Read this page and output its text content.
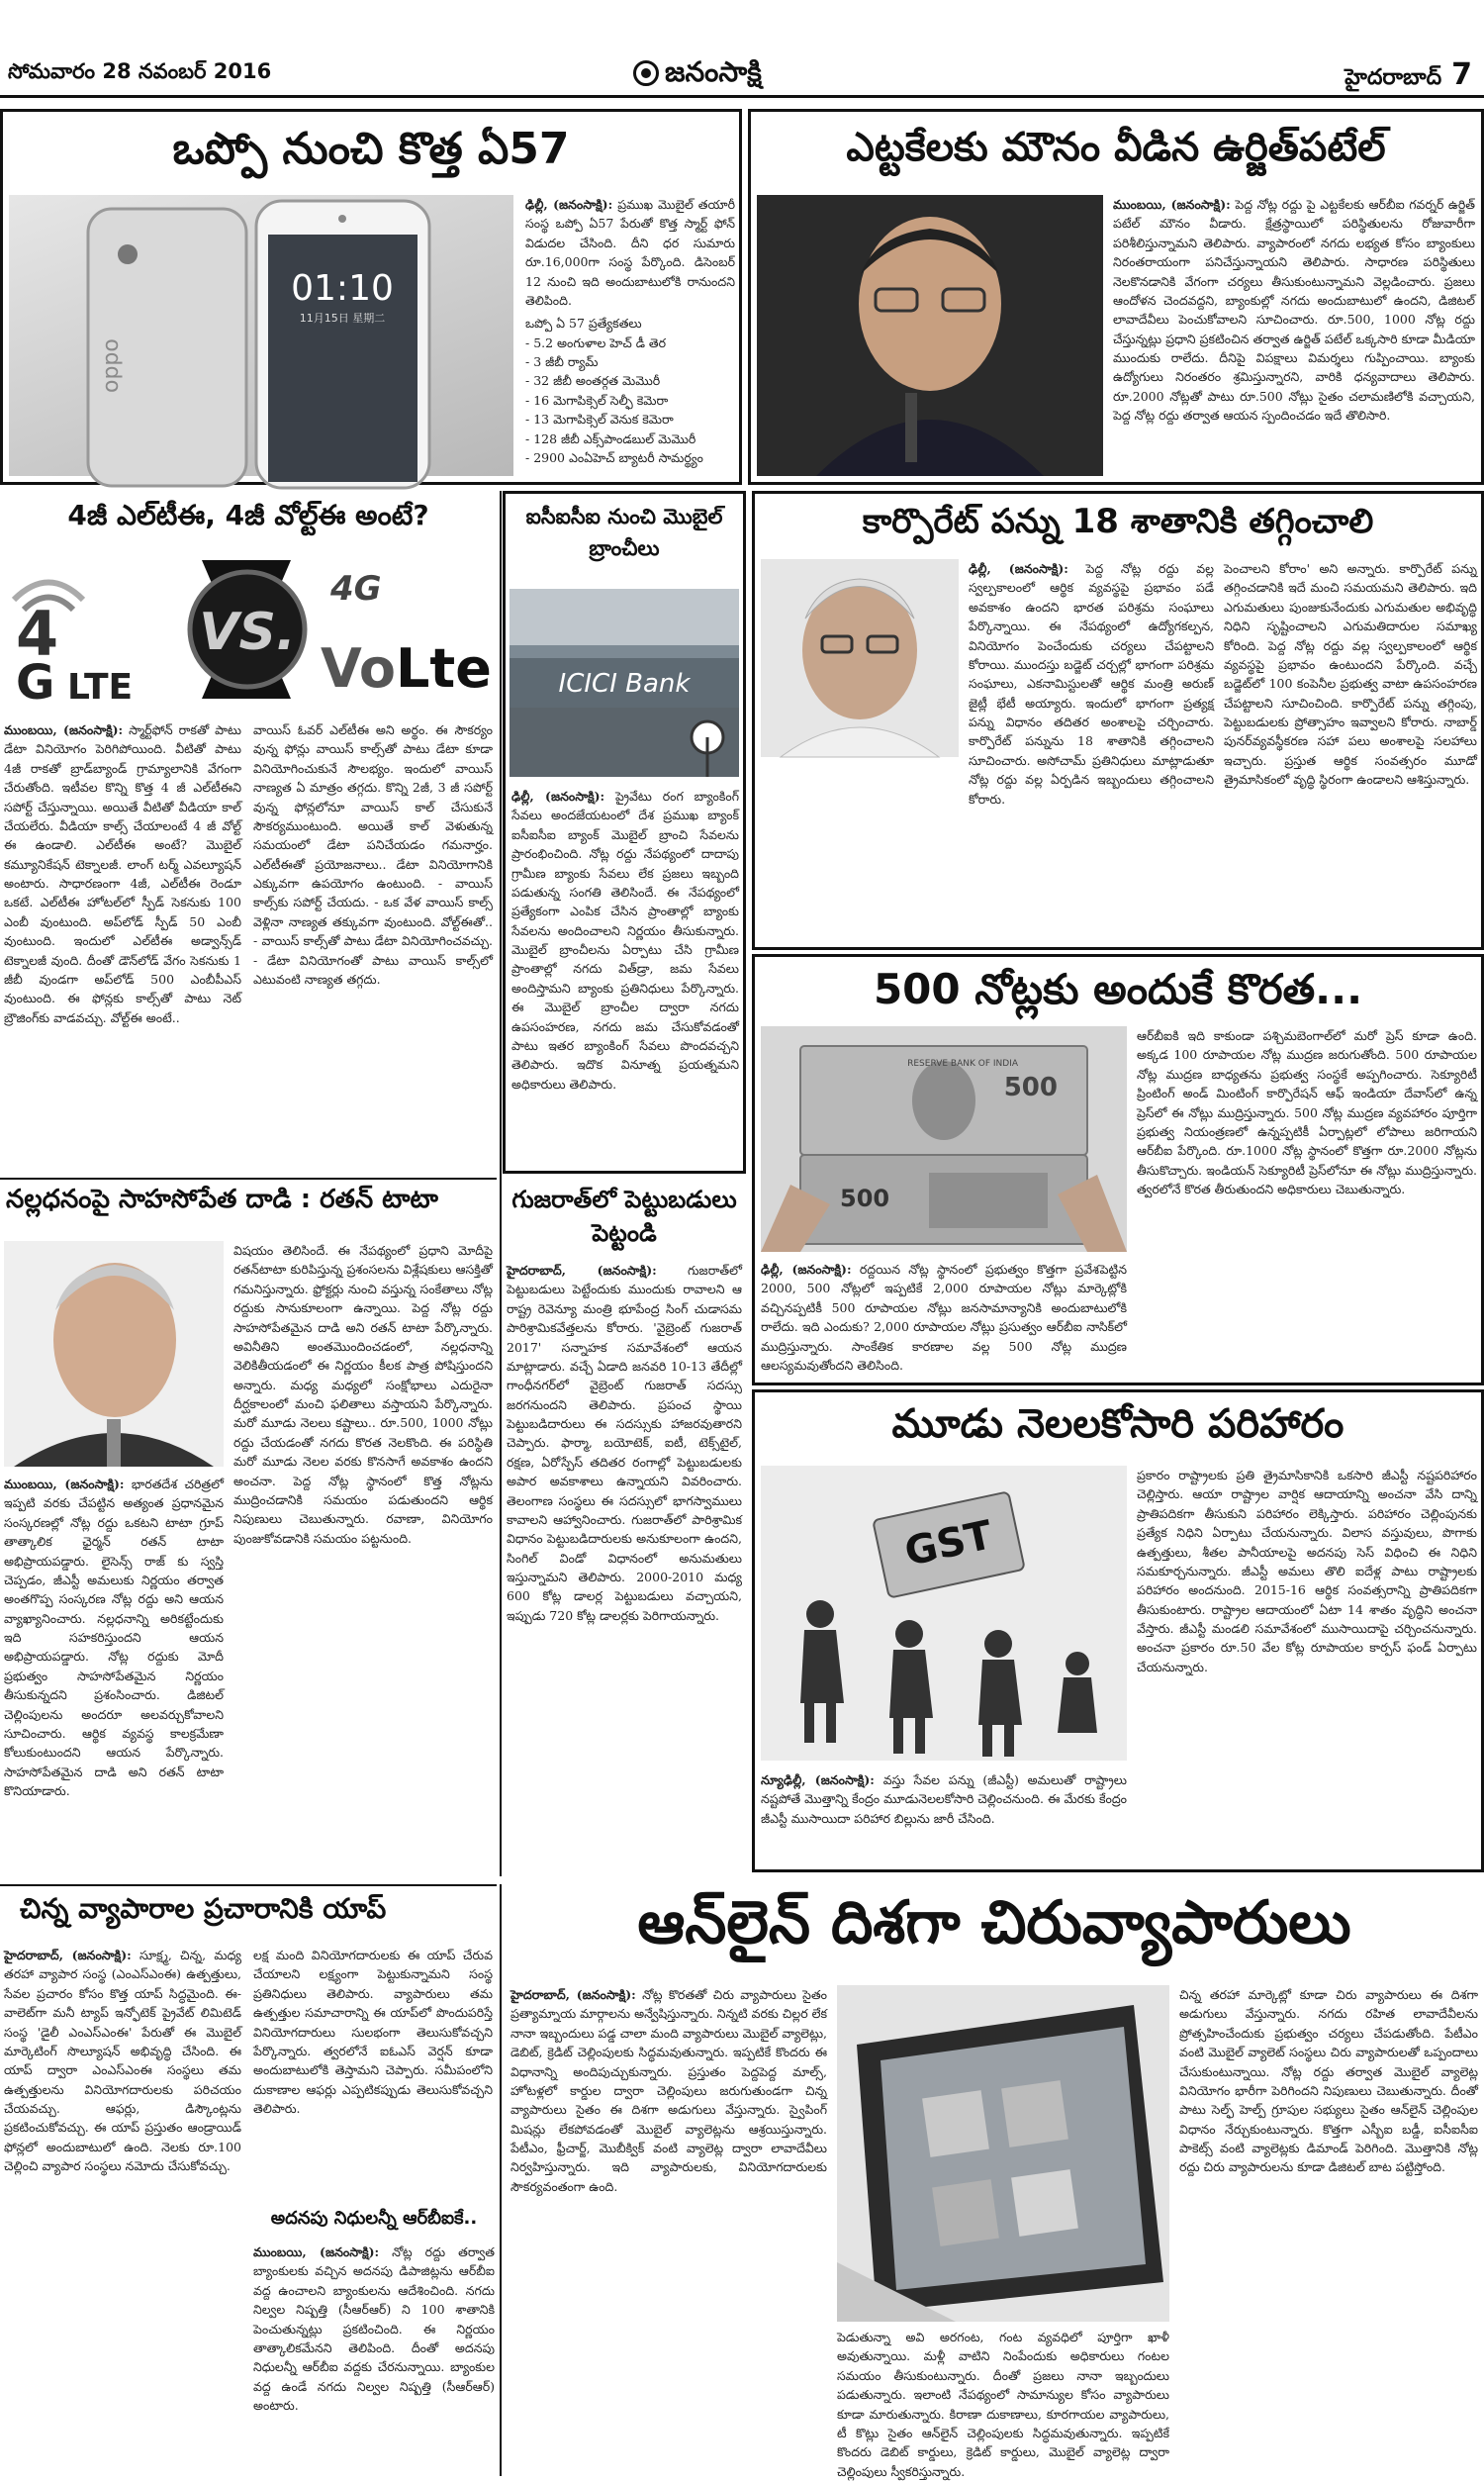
సోమవారం 28 నవంబర్ 2016	జనంసాక్షి	హైదరాబాద్ 7
ఒప్పో నుంచి కొత్త ఏ57
oppo
01:10
11月15日 星期二
ఢిల్లీ, (జనంసాక్షి): ప్రముఖ మొబైల్ తయారీ సంస్థ ఒప్పో ఏ57 పేరుతో కొత్త స్మార్ట్ ఫోన్ విడుదల చేసింది. దీని ధర సుమారు రూ.16,000గా సంస్థ పేర్కొంది. డిసెంబర్ 12 నుంచి ఇది అందుబాటులోకి రానుందని తెలిపింది.
ఒప్పో ఏ 57 ప్రత్యేకతలు
- 5.2 అంగుళాల హెచ్ డీ తెర
- 3 జీబీ ర్యామ్
- 32 జీబీ అంతర్గత మెమొరీ
- 16 మెగాపిక్సెల్ సెల్ఫీ కెమెరా
- 13 మెగాపిక్సెల్ వెనుక కెమెరా
- 128 జీబీ ఎక్స్‌పాండబుల్ మెమొరీ
- 2900 ఎంఏహెచ్ బ్యాటరీ సామర్థ్యం
ఎట్టకేలకు మౌనం వీడిన ఉర్జిత్‌పటేల్
ముంబయి, (జనంసాక్షి): పెద్ద నోట్ల రద్దు పై ఎట్టకేలకు ఆర్‌బీఐ గవర్నర్ ఉర్జిత్ పటేల్ మౌనం వీడారు. క్షేత్రస్థాయిలో పరిస్థితులను రోజువారీగా పరిశీలిస్తున్నామని తెలిపారు. వ్యాపారంలో నగదు లభ్యత కోసం బ్యాంకులు నిరంతరాయంగా పనిచేస్తున్నాయని తెలిపారు. సాధారణ పరిస్థితులు నెలకొనడానికి వేగంగా చర్యలు తీసుకుంటున్నామని వెల్లడించారు. ప్రజలు ఆందోళన చెందవద్దని, బ్యాంకుల్లో నగదు అందుబాటులో ఉందని, డిజిటల్ లావాదేవీలు పెంచుకోవాలని సూచించారు. రూ.500, 1000 నోట్ల రద్దు చేస్తున్నట్లు ప్రధాని ప్రకటించిన తర్వాత ఉర్జిత్ పటేల్ ఒక్కసారి కూడా మీడియా ముందుకు రాలేదు. దీనిపై విపక్షాలు విమర్శలు గుప్పించాయి. బ్యాంకు ఉద్యోగులు నిరంతరం శ్రమిస్తున్నారని, వారికి ధన్యవాదాలు తెలిపారు. రూ.2000 నోట్లతో పాటు రూ.500 నోట్లు సైతం చలామణిలోకి వచ్చాయని, పెద్ద నోట్ల రద్దు తర్వాత ఆయన స్పందించడం ఇదే తొలిసారి.
4జీ ఎల్‌టీఈ, 4జీ వోల్ట్ఈ అంటే?
4
G LTE
VS.
4G
Vo Lte
ముంబయి, (జనంసాక్షి): స్మార్ట్‌ఫోన్ రాకతో పాటు డేటా వినియోగం పెరిగిపోయింది. వీటితో పాటు 4జీ రాకతో బ్రాడ్‌బ్యాండ్ గ్రామ్యాలానికి వేగంగా చేరుతోంది. ఇటీవల కొన్ని కొత్త 4 జీ ఎల్‌టీఈని సపోర్ట్ చేస్తున్నాయి. అయితే వీటితో వీడియా కాల్ చేయలేరు. వీడియా కాల్స్ చేయాలంటే 4 జీ వోల్ట్ ఈ ఉండాలి. ఎల్‌టీఈ అంటే? మొబైల్ కమ్యూనికేషన్ టెక్నాలజీ. లాంగ్ టర్మ్ ఎవల్యూషన్ అంటారు. సాధారణంగా 4జీ, ఎల్‌టీఈ రెండూ ఒకటే. ఎల్‌టీఈ హోటల్‌లో స్పీడ్ సెకనుకు 100 ఎంబీ వుంటుంది. అప్‌లోడ్ స్పీడ్ 50 ఎంబీ వుంటుంది. ఇందులో ఎల్‌టీఈ అడ్వాన్స్‌డ్ టెక్నాలజీ వుంది. దీంతో డౌన్‌లోడ్ వేగం సెకనుకు 1 జీబీ వుండగా అప్‌లోడ్ 500 ఎంబీపీఎస్ వుంటుంది. ఈ ఫోన్లకు కాల్స్‌తో పాటు నెట్ బ్రౌజింగ్‌కు వాడవచ్చు. వోల్ట్ఈ అంటే..
వాయిస్ ఓవర్ ఎల్‌టీఈ అని అర్థం. ఈ సౌకర్యం వున్న ఫోన్లు వాయిస్ కాల్స్‌తో పాటు డేటా కూడా వినియోగించుకునే సౌలభ్యం. ఇందులో వాయిస్ నాణ్యత ఏ మాత్రం తగ్గదు. కొన్ని 2జీ, 3 జీ సపోర్ట్ వున్న ఫోన్లలోనూ వాయిస్ కాల్ చేసుకునే సౌకర్యముంటుంది. అయితే కాల్ వెళుతున్న సమయంలో డేటా పనిచేయడం గమనార్హం. ఎల్‌టీఈతో ప్రయోజనాలు.. డేటా వినియోగానికి ఎక్కువగా ఉపయోగం ఉంటుంది. - వాయిస్ కాల్స్‌కు సపోర్ట్ చేయదు. - ఒక వేళ వాయిస్ కాల్స్ వెళ్లినా నాణ్యత తక్కువగా వుంటుంది. వోల్ట్ఈతో.. - వాయిస్ కాల్స్‌తో పాటు డేటా వినియోగించవచ్చు. - డేటా వినియోగంతో పాటు వాయిస్ కాల్స్‌లో ఎటువంటి నాణ్యత తగ్గదు.
ఐసీఐసీఐ నుంచి మొబైల్ బ్రాంచీలు
ICICI Bank
ఢిల్లీ, (జనంసాక్షి): ప్రైవేటు రంగ బ్యాంకింగ్ సేవలు అందజేయటంలో దేశ ప్రముఖ బ్యాంక్ ఐసీఐసీఐ బ్యాంక్ మొబైల్ బ్రాంచి సేవలను ప్రారంభించింది. నోట్ల రద్దు నేపథ్యంలో దాదాపు గ్రామీణ బ్యాంకు సేవలు లేక ప్రజలు ఇబ్బంది పడుతున్న సంగతి తెలిసిందే. ఈ నేపథ్యంలో ప్రత్యేకంగా ఎంపిక చేసిన ప్రాంతాల్లో బ్యాంకు సేవలను అందించాలని నిర్ణయం తీసుకున్నారు. మొబైల్ బ్రాంచీలను ఏర్పాటు చేసి గ్రామీణ ప్రాంతాల్లో నగదు విత్‌డ్రా, జమ సేవలు అందిస్తామని బ్యాంకు ప్రతినిధులు పేర్కొన్నారు. ఈ మొబైల్ బ్రాంచీల ద్వారా నగదు ఉపసంహరణ, నగదు జమ చేసుకోవడంతో పాటు ఇతర బ్యాంకింగ్ సేవలు పొందవచ్చని తెలిపారు. ఇదొక వినూత్న ప్రయత్నమని అధికారులు తెలిపారు.
కార్పొరేట్ పన్ను 18 శాతానికి తగ్గించాలి
ఢిల్లీ, (జనంసాక్షి): పెద్ద నోట్ల రద్దు వల్ల స్వల్పకాలంలో ఆర్థిక వ్యవస్థపై ప్రభావం పడే అవకాశం ఉందని భారత పరిశ్రమ సంఘాలు పేర్కొన్నాయి. ఈ నేపథ్యంలో ఉద్యోగకల్పన, వినియోగం పెంచేందుకు చర్యలు చేపట్టాలని కోరాయి. ముందస్తు బడ్జెట్ చర్చల్లో భాగంగా పరిశ్రమ సంఘాలు, ఎకనామిస్టులతో ఆర్థిక మంత్రి అరుణ్ జైట్లీ భేటీ అయ్యారు. ఇందులో భాగంగా ప్రత్యక్ష పన్ను విధానం తదితర అంశాలపై చర్చించారు. కార్పొరేట్ పన్నును 18 శాతానికి తగ్గించాలని సూచించారు. అసోచామ్ ప్రతినిధులు మాట్లాడుతూ నోట్ల రద్దు వల్ల ఏర్పడిన ఇబ్బందులు తగ్గించాలని కోరారు.
పెంచాలని కోరాం' అని అన్నారు. కార్పొరేట్ పన్ను తగ్గించడానికి ఇదే మంచి సమయమని తెలిపారు. ఇది ఎగుమతులు పుంజుకునేందుకు ఎగుమతుల అభివృద్ధి నిధిని సృష్టించాలని ఎగుమతిదారుల సమాఖ్య కోరింది. పెద్ద నోట్ల రద్దు వల్ల స్వల్పకాలంలో ఆర్థిక వ్యవస్థపై ప్రభావం ఉంటుందని పేర్కొంది. వచ్చే బడ్జెట్‌లో 100 కంపెనీల ప్రభుత్వ వాటా ఉపసంహరణ చేపట్టాలని సూచించింది. కార్పొరేట్ పన్ను తగ్గింపు, పెట్టుబడులకు ప్రోత్సాహం ఇవ్వాలని కోరారు. నాబార్డ్ పునర్‌వ్యవస్థీకరణ సహా పలు అంశాలపై సలహాలు ఇచ్చారు. ప్రస్తుత ఆర్థిక సంవత్సరం మూడో త్రైమాసికంలో వృద్ధి స్థిరంగా ఉండాలని ఆశిస్తున్నారు.
నల్లధనంపై సాహసోపేత దాడి : రతన్ టాటా
ముంబయి, (జనంసాక్షి): భారతదేశ చరిత్రలో ఇప్పటి వరకు చేపట్టిన అత్యంత ప్రధానమైన సంస్కరణల్లో నోట్ల రద్దు ఒకటని టాటా గ్రూప్ తాత్కాలిక ఛైర్మన్ రతన్ టాటా అభిప్రాయపడ్డారు. లైసెన్స్ రాజ్ కు స్వస్తి చెప్పడం, జీఎస్టీ అమలుకు నిర్ణయం తర్వాత అంతగొప్ప సంస్కరణ నోట్ల రద్దు అని ఆయన వ్యాఖ్యానించారు. నల్లధనాన్ని అరికట్టేందుకు ఇది సహకరిస్తుందని ఆయన అభిప్రాయపడ్డారు. నోట్ల రద్దుకు మోదీ ప్రభుత్వం సాహసోపేతమైన నిర్ణయం తీసుకున్నదని ప్రశంసించారు. డిజిటల్ చెల్లింపులను అందరూ అలవర్చుకోవాలని సూచించారు. ఆర్థిక వ్యవస్థ కాలక్రమేణా కోలుకుంటుందని ఆయన పేర్కొన్నారు. సాహసోపేతమైన దాడి అని రతన్ టాటా కొనియాడారు.
విషయం తెలిసిందే. ఈ నేపథ్యంలో ప్రధాని మోదీపై రతన్‌టాటా కురిపిస్తున్న ప్రశంసలను విశ్లేషకులు ఆసక్తితో గమనిస్తున్నారు. ఫ్రోక్టర్లు నుంచి వస్తున్న సంకేతాలు నోట్ల రద్దుకు సానుకూలంగా ఉన్నాయి. పెద్ద నోట్ల రద్దు సాహసోపేతమైన దాడి అని రతన్ టాటా పేర్కొన్నారు. అవినీతిని అంతమొందించడంలో, నల్లధనాన్ని వెలికితీయడంలో ఈ నిర్ణయం కీలక పాత్ర పోషిస్తుందని అన్నారు. మధ్య మధ్యలో సంక్షోభాలు ఎదురైనా దీర్ఘకాలంలో మంచి ఫలితాలు వస్తాయని పేర్కొన్నారు. మరో మూడు నెలలు కష్టాలు.. రూ.500, 1000 నోట్లు రద్దు చేయడంతో నగదు కొరత నెలకొంది. ఈ పరిస్థితి మరో మూడు నెలల వరకు కొనసాగే అవకాశం ఉందని అంచనా. పెద్ద నోట్ల స్థానంలో కొత్త నోట్లను ముద్రించడానికి సమయం పడుతుందని ఆర్థిక నిపుణులు చెబుతున్నారు. రవాణా, వినియోగం పుంజుకోవడానికి సమయం పట్టనుంది.
గుజరాత్‌లో పెట్టుబడులు పెట్టండి
హైదరాబాద్, (జనంసాక్షి): గుజరాత్‌లో పెట్టుబడులు పెట్టేందుకు ముందుకు రావాలని ఆ రాష్ట్ర రెవెన్యూ మంత్రి భూపేంద్ర సింగ్ చుడాసమ పారిశ్రామికవేత్తలను కోరారు. 'వైబ్రెంట్ గుజరాత్ 2017' సన్నాహక సమావేశంలో ఆయన మాట్లాడారు. వచ్చే ఏడాది జనవరి 10-13 తేదీల్లో గాంధీనగర్‌లో వైబ్రెంట్ గుజరాత్ సదస్సు జరగనుందని తెలిపారు. ప్రపంచ స్థాయి పెట్టుబడిదారులు ఈ సదస్సుకు హాజరవుతారని చెప్పారు. ఫార్మా, బయోటెక్, ఐటీ, టెక్స్‌టైల్, రక్షణ, ఏరోస్పేస్ తదితర రంగాల్లో పెట్టుబడులకు అపార అవకాశాలు ఉన్నాయని వివరించారు. తెలంగాణ సంస్థలు ఈ సదస్సులో భాగస్వాములు కావాలని ఆహ్వానించారు. గుజరాత్‌లో పారిశ్రామిక విధానం పెట్టుబడిదారులకు అనుకూలంగా ఉందని, సింగిల్ విండో విధానంలో అనుమతులు ఇస్తున్నామని తెలిపారు. 2000-2010 మధ్య 600 కోట్ల డాలర్ల పెట్టుబడులు వచ్చాయని, ఇప్పుడు 720 కోట్ల డాలర్లకు పెరిగాయన్నారు.
500 నోట్లకు అందుకే కొరత...
500
RESERVE BANK OF INDIA
500
ఢిల్లీ, (జనంసాక్షి): రద్దయిన నోట్ల స్థానంలో ప్రభుత్వం కొత్తగా ప్రవేశపెట్టిన 2000, 500 నోట్లలో ఇప్పటికే 2,000 రూపాయల నోట్లు మార్కెట్లోకి వచ్చినప్పటికీ 500 రూపాయల నోట్లు జనసామాన్యానికి అందుబాటులోకి రాలేదు. ఇది ఎందుకు? 2,000 రూపాయల నోట్లు ప్రసుత్వం ఆర్‌బీఐ నాసిక్‌లో ముద్రిస్తున్నారు. సాంకేతిక కారణాల వల్ల 500 నోట్ల ముద్రణ ఆలస్యమవుతోందని తెలిసింది.
ఆర్‌బీఐకి ఇది కాకుండా పశ్చిమబెంగాల్‌లో మరో ప్రెస్ కూడా ఉంది. అక్కడ 100 రూపాయల నోట్ల ముద్రణ జరుగుతోంది. 500 రూపాయల నోట్ల ముద్రణ బాధ్యతను ప్రభుత్వ సంస్థకే అప్పగించారు. సెక్యూరిటీ ప్రింటింగ్ అండ్ మింటింగ్ కార్పొరేషన్ ఆఫ్ ఇండియా దేవాస్‌లో ఉన్న ప్రెస్‌లో ఈ నోట్లు ముద్రిస్తున్నారు. 500 నోట్ల ముద్రణ వ్యవహారం పూర్తిగా ప్రభుత్వ నియంత్రణలో ఉన్నప్పటికీ ఏర్పాట్లలో లోపాలు జరిగాయని ఆర్‌బీఐ పేర్కొంది. రూ.1000 నోట్ల స్థానంలో కొత్తగా రూ.2000 నోట్లను తీసుకొచ్చారు. ఇండియన్ సెక్యూరిటీ ప్రెస్‌లోనూ ఈ నోట్లు ముద్రిస్తున్నారు. త్వరలోనే కొరత తీరుతుందని అధికారులు చెబుతున్నారు.
మూడు నెలలకోసారి పరిహారం
GST
న్యూఢిల్లీ, (జనంసాక్షి): వస్తు సేవల పన్ను (జీఎస్టీ) అమలుతో రాష్ట్రాలు నష్టపోతే మొత్తాన్ని కేంద్రం మూడునెలలకోసారి చెల్లించనుంది. ఈ మేరకు కేంద్రం జీఎస్టీ ముసాయిదా పరిహార బిల్లును జారీ చేసింది.
ప్రకారం రాష్ట్రాలకు ప్రతి త్రైమాసికానికి ఒకసారి జీఎస్టీ నష్టపరిహారం చెల్లిస్తారు. ఆయా రాష్ట్రాల వార్షిక ఆదాయాన్ని అంచనా వేసి దాన్ని ప్రాతిపదికగా తీసుకుని పరిహారం లెక్కిస్తారు. పరిహారం చెల్లింపునకు ప్రత్యేక నిధిని ఏర్పాటు చేయనున్నారు. విలాస వస్తువులు, పొగాకు ఉత్పత్తులు, శీతల పానీయాలపై అదనపు సెస్ విధించి ఈ నిధిని సమకూర్చనున్నారు. జీఎస్టీ అమలు తొలి ఐదేళ్ల పాటు రాష్ట్రాలకు పరిహారం అందనుంది. 2015-16 ఆర్థిక సంవత్సరాన్ని ప్రాతిపదికగా తీసుకుంటారు. రాష్ట్రాల ఆదాయంలో ఏటా 14 శాతం వృద్ధిని అంచనా వేస్తారు. జీఎస్టీ మండలి సమావేశంలో ముసాయిదాపై చర్చించనున్నారు. అంచనా ప్రకారం రూ.50 వేల కోట్ల రూపాయల కార్పస్ ఫండ్ ఏర్పాటు చేయనున్నారు.
చిన్న వ్యాపారాల ప్రచారానికి యాప్
హైదరాబాద్, (జనంసాక్షి): సూక్ష్మ, చిన్న, మధ్య తరహా వ్యాపార సంస్థ (ఎంఎస్ఎంఈ) ఉత్పత్తులు, సేవల ప్రచారం కోసం కొత్త యాప్ సిద్ధమైంది. ఈ-వాలెట్‌గా మనీ ట్యాప్ ఇన్ఫోటెక్ ప్రైవేట్ లిమిటెడ్ సంస్థ 'డైలీ ఎంఎస్ఎంఈ' పేరుతో ఈ మొబైల్ మార్కెటింగ్ సొల్యూషన్ అభివృద్ధి చేసింది. ఈ యాప్ ద్వారా ఎంఎస్ఎంఈ సంస్థలు తమ ఉత్పత్తులను వినియోగదారులకు పరిచయం చేయవచ్చు. ఆఫర్లు, డిస్కౌంట్లను ప్రకటించుకోవచ్చు. ఈ యాప్ ప్రస్తుతం ఆండ్రాయిడ్ ఫోన్లలో అందుబాటులో ఉంది. నెలకు రూ.100 చెల్లించి వ్యాపార సంస్థలు నమోదు చేసుకోవచ్చు.
లక్ష మంది వినియోగదారులకు ఈ యాప్ చేరువ చేయాలని లక్ష్యంగా పెట్టుకున్నామని సంస్థ ప్రతినిధులు తెలిపారు. వ్యాపారులు తమ ఉత్పత్తుల సమాచారాన్ని ఈ యాప్‌లో పొందుపరిస్తే వినియోగదారులు సులభంగా తెలుసుకోవచ్చని పేర్కొన్నారు. త్వరలోనే ఐఓఎస్ వెర్షన్ కూడా అందుబాటులోకి తెస్తామని చెప్పారు. సమీపంలోని దుకాణాల ఆఫర్లు ఎప్పటికప్పుడు తెలుసుకోవచ్చని తెలిపారు.
అదనపు నిధులన్నీ ఆర్‌బీఐకే..
ముంబయి, (జనంసాక్షి): నోట్ల రద్దు తర్వాత బ్యాంకులకు వచ్చిన అదనపు డిపాజిట్లను ఆర్‌బీఐ వద్ద ఉంచాలని బ్యాంకులను ఆదేశించింది. నగదు నిల్వల నిష్పత్తి (సీఆర్‌ఆర్) ని 100 శాతానికి పెంచుతున్నట్లు ప్రకటించింది. ఈ నిర్ణయం తాత్కాలికమేనని తెలిపింది. దీంతో అదనపు నిధులన్నీ ఆర్‌బీఐ వద్దకు చేరనున్నాయి. బ్యాంకుల వద్ద ఉండే నగదు నిల్వల నిష్పత్తి (సీఆర్‌ఆర్) అంటారు.
ఆన్‌లైన్ దిశగా చిరువ్యాపారులు
హైదరాబాద్, (జనంసాక్షి): నోట్ల కొరతతో చిరు వ్యాపారులు సైతం ప్రత్యామ్నాయ మార్గాలను అన్వేషిస్తున్నారు. నిన్నటి వరకు చిల్లర లేక నానా ఇబ్బందులు పడ్డ చాలా మంది వ్యాపారులు మొబైల్ వ్యాలెట్లు, డెబిట్, క్రెడిట్ చెల్లింపులకు సిద్ధమవుతున్నారు. ఇప్పటికే కొందరు ఈ విధానాన్ని అందిపుచ్చుకున్నారు. ప్రస్తుతం పెద్దపెద్ద మాల్స్, హోటళ్లలో కార్డుల ద్వారా చెల్లింపులు జరుగుతుండగా చిన్న వ్యాపారులు సైతం ఈ దిశగా అడుగులు వేస్తున్నారు. స్వైపింగ్ మిషన్లు లేకపోవడంతో మొబైల్ వ్యాలెట్లను ఆశ్రయిస్తున్నారు. పేటీఎం, ఫ్రీచార్జ్, మొబీక్విక్ వంటి వ్యాలెట్ల ద్వారా లావాదేవీలు నిర్వహిస్తున్నారు. ఇది వ్యాపారులకు, వినియోగదారులకు సౌకర్యవంతంగా ఉంది.
పెడుతున్నా అవి అరగంట, గంట వ్యవధిలో పూర్తిగా ఖాళీ అవుతున్నాయి. మళ్లీ వాటిని నింపేందుకు అధికారులు గంటల సమయం తీసుకుంటున్నారు. దీంతో ప్రజలు నానా ఇబ్బందులు పడుతున్నారు. ఇలాంటి నేపథ్యంలో సామాన్యుల కోసం వ్యాపారులు కూడా మారుతున్నారు. కిరాణా దుకాణాలు, కూరగాయల వ్యాపారులు, టీ కొట్లు సైతం ఆన్‌లైన్ చెల్లింపులకు సిద్ధమవుతున్నారు. ఇప్పటికే కొందరు డెబిట్ కార్డులు, క్రెడిట్ కార్డులు, మొబైల్ వ్యాలెట్ల ద్వారా చెల్లింపులు స్వీకరిస్తున్నారు.
చిన్న తరహా మార్కెట్లో కూడా చిరు వ్యాపారులు ఈ దిశగా అడుగులు వేస్తున్నారు. నగదు రహిత లావాదేవీలను ప్రోత్సహించేందుకు ప్రభుత్వం చర్యలు చేపడుతోంది. పేటీఎం వంటి మొబైల్ వ్యాలెట్ సంస్థలు చిరు వ్యాపారులతో ఒప్పందాలు చేసుకుంటున్నాయి. నోట్ల రద్దు తర్వాత మొబైల్ వ్యాలెట్ల వినియోగం భారీగా పెరిగిందని నిపుణులు చెబుతున్నారు. దీంతో పాటు సెల్ఫ్ హెల్ప్ గ్రూపుల సభ్యులు సైతం ఆన్‌లైన్ చెల్లింపుల విధానం నేర్చుకుంటున్నారు. కొత్తగా ఎస్బీఐ బడ్డీ, ఐసీఐసీఐ పాకెట్స్ వంటి వ్యాలెట్లకు డిమాండ్ పెరిగింది. మొత్తానికి నోట్ల రద్దు చిరు వ్యాపారులను కూడా డిజిటల్ బాట పట్టిస్తోంది.
